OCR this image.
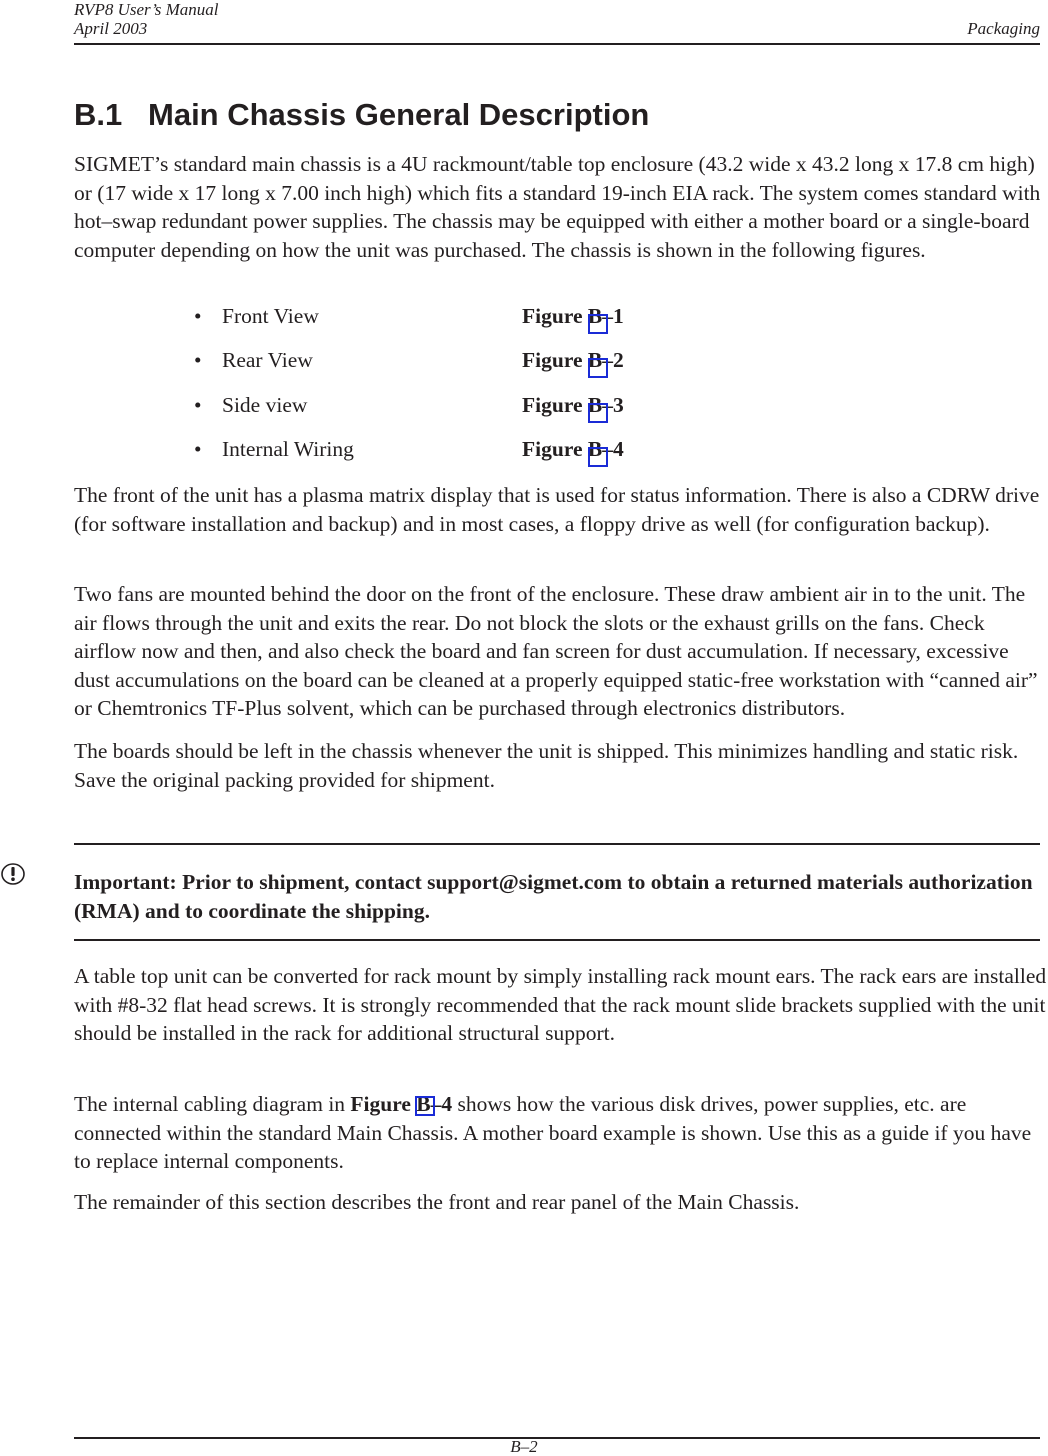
RVP8 User’s Manual
April 2003	Packaging
B.1 Main Chassis General Description

SIGMET’s standard main chassis is a 4U rackmount/table top enclosure (43.2 wide x 43.2 long x 17.8 cm high) or (17 wide x 17 long x 7.00 inch high) which fits a standard 19-inch EIA rack. The system comes standard with hot–swap redundant power supplies. The chassis may be equipped with either a mother board or a single-board computer depending on how the unit was purchased. The chassis is shown in the following figures.

• Front View	Figure B–1
• Rear View	Figure B–2
• Side view	Figure B–3
• Internal Wiring	Figure B–4

The front of the unit has a plasma matrix display that is used for status information. There is also a CDRW drive (for software installation and backup) and in most cases, a floppy drive as well (for configuration backup).

Two fans are mounted behind the door on the front of the enclosure. These draw ambient air in to the unit. The air flows through the unit and exits the rear. Do not block the slots or the exhaust grills on the fans. Check airflow now and then, and also check the board and fan screen for dust accumulation. If necessary, excessive dust accumulations on the board can be cleaned at a properly equipped static-free workstation with “canned air” or Chemtronics TF-Plus solvent, which can be purchased through electronics distributors.

The boards should be left in the chassis whenever the unit is shipped. This minimizes handling and static risk. Save the original packing provided for shipment.

Important: Prior to shipment, contact support@sigmet.com to obtain a returned materials authorization (RMA) and to coordinate the shipping.

A table top unit can be converted for rack mount by simply installing rack mount ears. The rack ears are installed with #8-32 flat head screws. It is strongly recommended that the rack mount slide brackets supplied with the unit should be installed in the rack for additional structural support.

The internal cabling diagram in Figure B–4
shows how the various disk drives, power supplies, etc. are connected within the standard Main Chassis. A mother board example is shown. Use this as a guide if you have to replace internal components.

The remainder of this section describes the front and rear panel of the Main Chassis.

B–2
